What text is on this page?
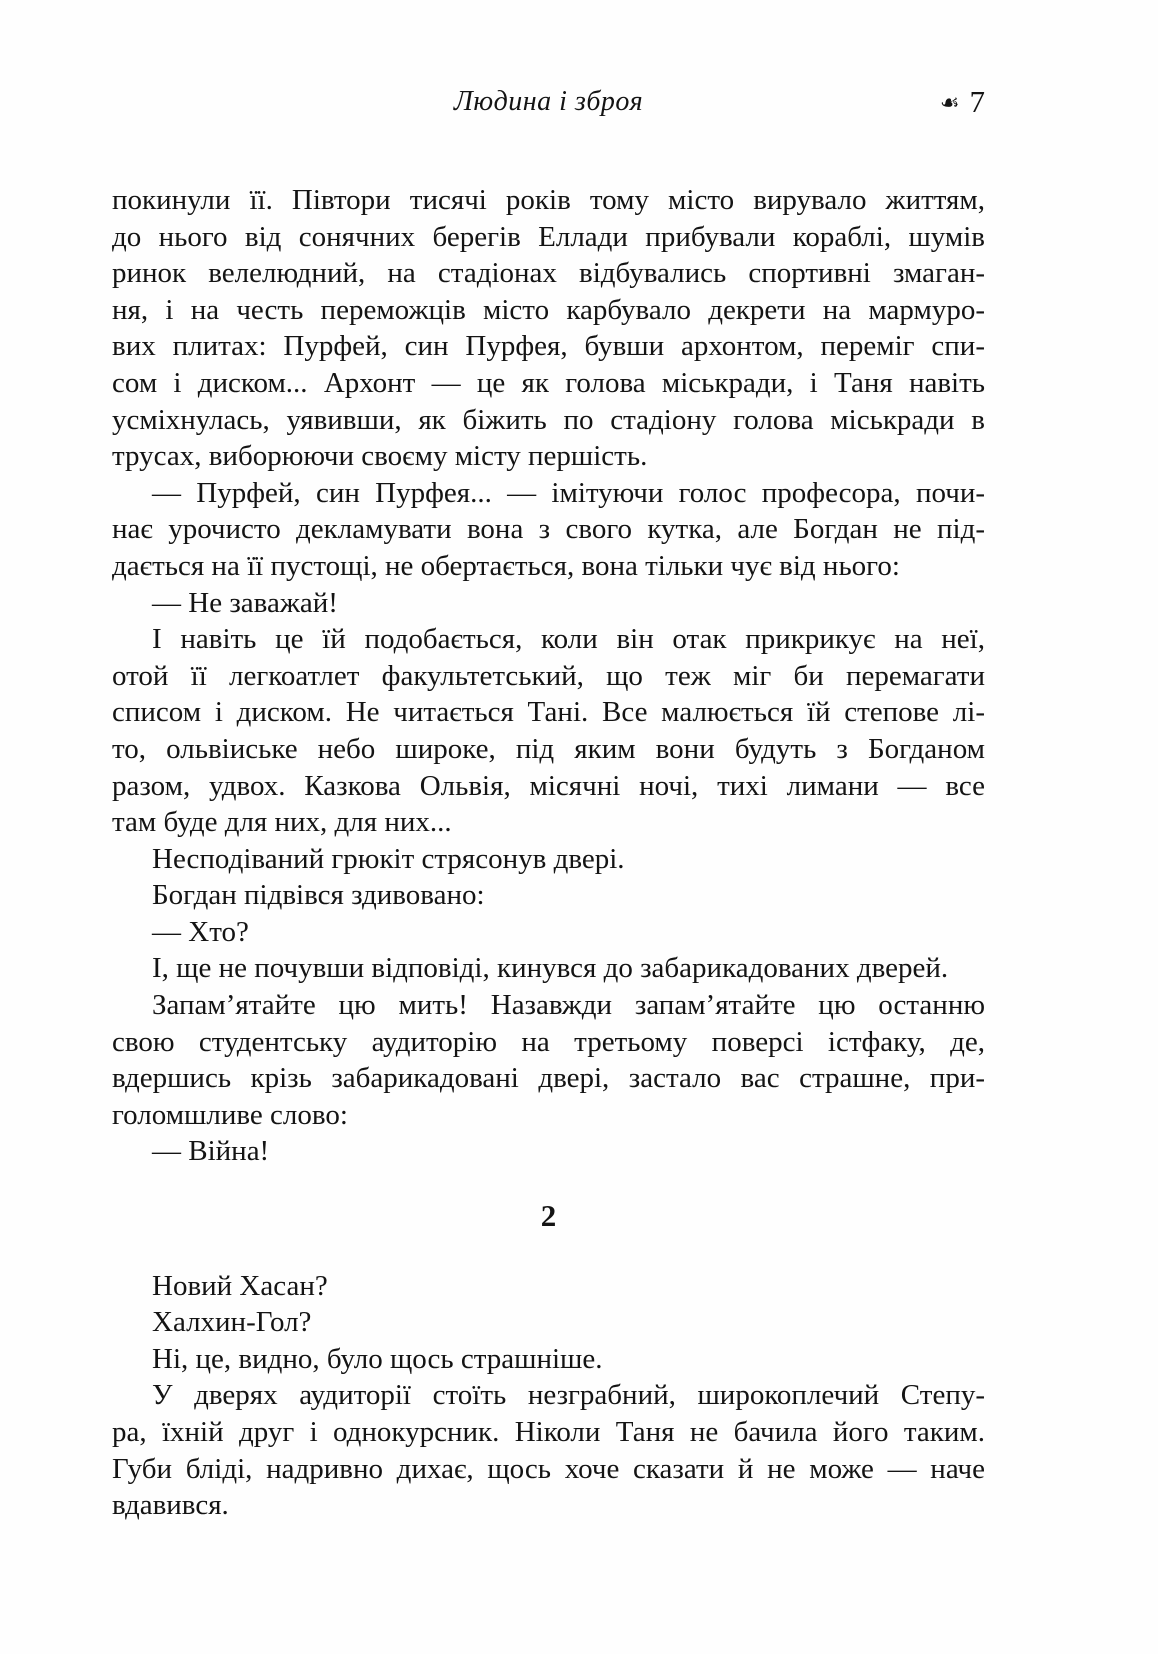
Людина і зброя	☙ 7
покинули її. Півтори тисячі років тому місто вирувало життям,
до нього від сонячних берегів Еллади прибували кораблі, шумів
ринок велелюдний, на стадіонах відбувались спортивні змаган-
ня, і на честь переможців місто карбувало декрети на мармуро-
вих плитах: Пурфей, син Пурфея, бувши архонтом, переміг спи-
сом і диском... Архонт — це як голова міськради, і Таня навіть
усміхнулась, уявивши, як біжить по стадіону голова міськради в
трусах, виборюючи своєму місту першість.
— Пурфей, син Пурфея... — імітуючи голос професора, почи-
нає урочисто декламувати вона з свого кутка, але Богдан не під-
дається на її пустощі, не обертається, вона тільки чує від нього:
— Не заважай!
І навіть це їй подобається, коли він отак прикрикує на неї,
отой її легкоатлет факультетський, що теж міг би перемагати
списом і диском. Не читається Тані. Все малюється їй степове лі-
то, ольвіиське небо широке, під яким вони будуть з Богданом
разом, удвох. Казкова Ольвія, місячні ночі, тихі лимани — все
там буде для них, для них...
Несподіваний грюкіт стрясонув двері.
Богдан підвівся здивовано:
— Хто?
І, ще не почувши відповіді, кинувся до забарикадованих дверей.
Запам’ятайте цю мить! Назавжди запам’ятайте цю останню
свою студентську аудиторію на третьому поверсі істфаку, де,
вдершись крізь забарикадовані двері, застало вас страшне, при-
голомшливе слово:
— Війна!
2
Новий Хасан?
Халхин-Гол?
Ні, це, видно, було щось страшніше.
У дверях аудиторії стоїть незграбний, широкоплечий Степу-
ра, їхній друг і однокурсник. Ніколи Таня не бачила його таким.
Губи бліді, надривно дихає, щось хоче сказати й не може — наче
вдавився.
